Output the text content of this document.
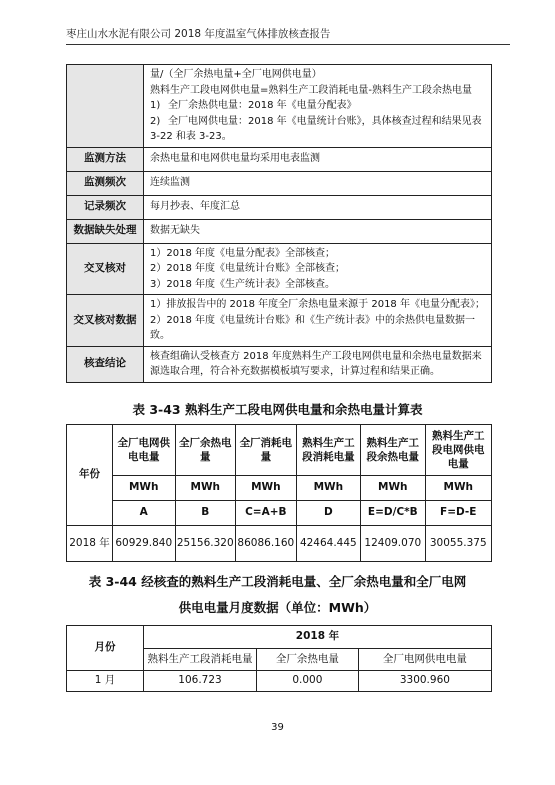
枣庄山水水泥有限公司 2018 年度温室气体排放核查报告

	量/（全厂余热电量+全厂电网供电量）
熟料生产工段电网供电量=熟料生产工段消耗电量-熟料生产工段余热电量
1) 全厂余热供电量：2018 年《电量分配表》
2) 全厂电网供电量：2018 年《电量统计台账》，具体核查过程和结果见表 3-22 和表 3-23。

监测方法	余热电量和电网供电量均采用电表监测
监测频次	连续监测
记录频次	每月抄表、年度汇总
数据缺失处理	数据无缺失
交叉核对	1）2018 年度《电量分配表》全部核查；
2）2018 年度《电量统计台账》全部核查；
3）2018 年度《生产统计表》全部核查。

交叉核对数据	1）排放报告中的 2018 年度全厂余热电量来源于 2018 年《电量分配表》；
2）2018 年度《电量统计台账》和《生产统计表》中的余热供电量数据一致。

核查结论	核查组确认受核查方 2018 年度熟料生产工段电网供电量和余热电量数据来源选取合理，符合补充数据模板填写要求，计算过程和结果正确。
表 3-43 熟料生产工段电网供电量和余热电量计算表
年份	全厂电网供电电量	全厂余热电量	全厂消耗电量	熟料生产工段消耗电量	熟料生产工段余热电量	熟料生产工段电网供电电量
	MWh	MWh	MWh	MWh	MWh	MWh
	A	B	C=A+B	D	E=D/C*B	F=D-E
2018 年	60929.840	25156.320	86086.160	42464.445	12409.070	30055.375
表 3-44 经核查的熟料生产工段消耗电量、全厂余热电量和全厂电网
供电电量月度数据（单位：MWh）
月份	2018 年		
	熟料生产工段消耗电量	全厂余热电量	全厂电网供电电量
1 月	106.723	0.000	3300.960
39
